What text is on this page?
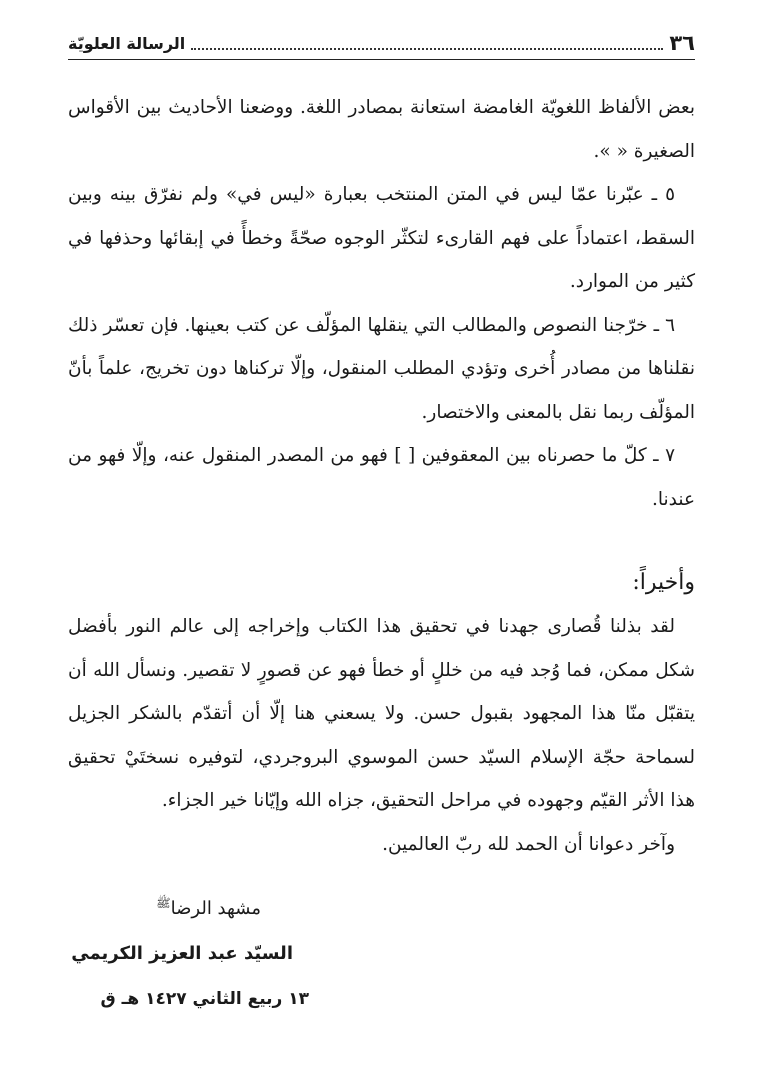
٣٦
الرسالة العلويّة

بعض الألفاظ اللغويّة الغامضة استعانة بمصادر اللغة. ووضعنا الأحاديث بين الأقواس الصغيرة « ».

٥ ـ عبّرنا عمّا ليس في المتن المنتخب بعبارة «ليس في» ولم نفرّق بينه وبين السقط، اعتماداً على فهم القارىء لتكثّر الوجوه صحّةً وخطأً في إبقائها وحذفها في كثير من الموارد.

٦ ـ خرّجنا النصوص والمطالب التي ينقلها المؤلّف عن كتب بعينها. فإن تعسّر ذلك نقلناها من مصادر أُخرى وتؤدي المطلب المنقول، وإلّا تركناها دون تخريج، علماً بأنّ المؤلّف ربما نقل بالمعنى والاختصار.

٧ ـ كلّ ما حصرناه بين المعقوفين [ ] فهو من المصدر المنقول عنه، وإلّا فهو من عندنا.

وأخيراً:

لقد بذلنا قُصارى جهدنا في تحقيق هذا الكتاب وإخراجه إلى عالم النور بأفضل شكل ممكن، فما وُجد فيه من خللٍ أو خطأ فهو عن قصورٍ لا تقصير. ونسأل الله أن يتقبّل منّا هذا المجهود بقبول حسن. ولا يسعني هنا إلّا أن أتقدّم بالشكر الجزيل لسماحة حجّة الإسلام السيّد حسن الموسوي البروجردي، لتوفيره نسختَيْ تحقيق هذا الأثر القيّم وجهوده في مراحل التحقيق، جزاه الله وإيّانا خير الجزاء.

وآخر دعوانا أن الحمد لله ربّ العالمين.

مشهد الرضا$^ﷺ$
السيّد عبد العزيز الكريمي
١٣ ربيع الثاني ١٤٢٧ هـ ق
